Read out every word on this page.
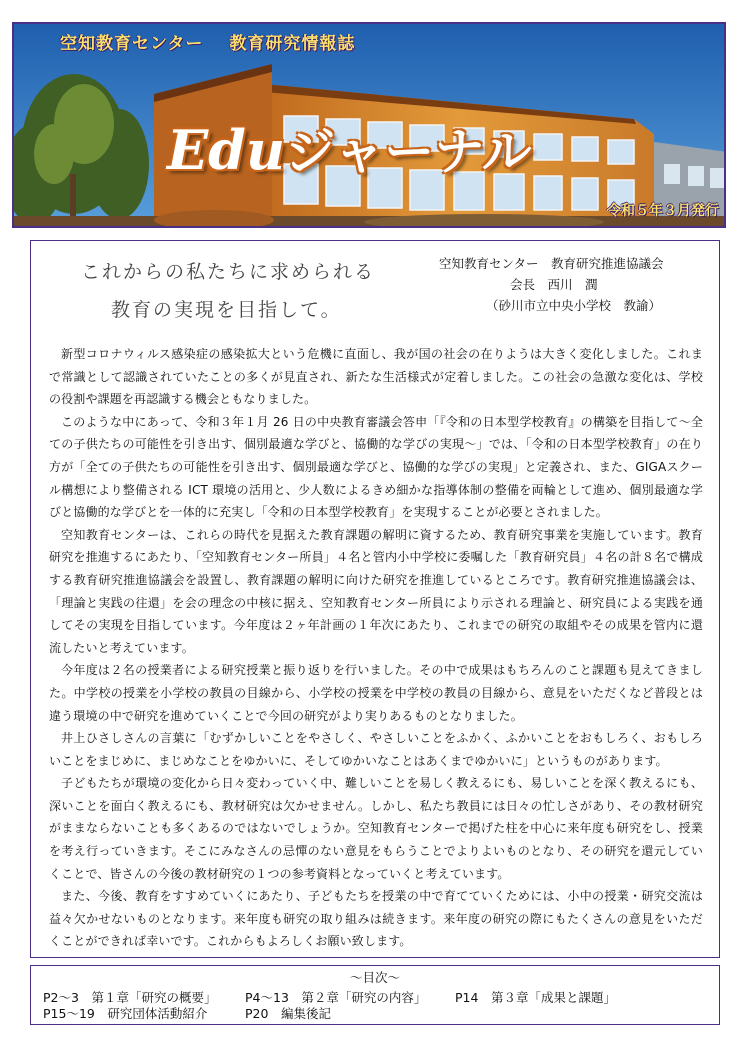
空知教育センター 教育研究情報誌
Eduジャーナル
令和５年３月発行
これからの私たちに求められる
教育の実現を目指して。
空知教育センター　教育研究推進協議会
会長　西川　潤
（砂川市立中央小学校　教諭）

新型コロナウィルス感染症の感染拡大という危機に直面し、我が国の社会の在りようは大きく変化しました。これまで常識として認識されていたことの多くが見直され、新たな生活様式が定着しました。この社会の急激な変化は、学校の役割や課題を再認識する機会ともなりました。

このような中にあって、令和３年１月 26 日の中央教育審議会答申「『令和の日本型学校教育』の構築を目指して～全ての子供たちの可能性を引き出す、個別最適な学びと、協働的な学びの実現～」では、「令和の日本型学校教育」の在り方が「全ての子供たちの可能性を引き出す、個別最適な学びと、協働的な学びの実現」と定義され、また、GIGAスクール構想により整備される ICT 環境の活用と、少人数によるきめ細かな指導体制の整備を両輪として進め、個別最適な学びと協働的な学びとを一体的に充実し「令和の日本型学校教育」を実現することが必要とされました。

空知教育センターは、これらの時代を見据えた教育課題の解明に資するため、教育研究事業を実施しています。教育研究を推進するにあたり、「空知教育センター所員」４名と管内小中学校に委嘱した「教育研究員」４名の計８名で構成する教育研究推進協議会を設置し、教育課題の解明に向けた研究を推進しているところです。教育研究推進協議会は、「理論と実践の往還」を会の理念の中核に据え、空知教育センター所員により示される理論と、研究員による実践を通してその実現を目指しています。今年度は２ヶ年計画の１年次にあたり、これまでの研究の取組やその成果を管内に還流したいと考えています。

今年度は２名の授業者による研究授業と振り返りを行いました。その中で成果はもちろんのこと課題も見えてきました。中学校の授業を小学校の教員の目線から、小学校の授業を中学校の教員の目線から、意見をいただくなど普段とは違う環境の中で研究を進めていくことで今回の研究がより実りあるものとなりました。

井上ひさしさんの言葉に「むずかしいことをやさしく、やさしいことをふかく、ふかいことをおもしろく、おもしろいことをまじめに、まじめなことをゆかいに、そしてゆかいなことはあくまでゆかいに」というものがあります。

子どもたちが環境の変化から日々変わっていく中、難しいことを易しく教えるにも、易しいことを深く教えるにも、深いことを面白く教えるにも、教材研究は欠かせません。しかし、私たち教員には日々の忙しさがあり、その教材研究がままならないことも多くあるのではないでしょうか。空知教育センターで掲げた柱を中心に来年度も研究をし、授業を考え行っていきます。そこにみなさんの忌憚のない意見をもらうことでよりよいものとなり、その研究を還元していくことで、皆さんの今後の教材研究の１つの参考資料となっていくと考えています。

また、今後、教育をすすめていくにあたり、子どもたちを授業の中で育てていくためには、小中の授業・研究交流は益々欠かせないものとなります。来年度も研究の取り組みは続きます。来年度の研究の際にもたくさんの意見をいただくことができれば幸いです。これからもよろしくお願い致します。

～目次～
P2～3　第１章「研究の概要」 P4～13　第２章「研究の内容」 P14　第３章「成果と課題」
P15～19　研究団体活動紹介	P20　編集後記
